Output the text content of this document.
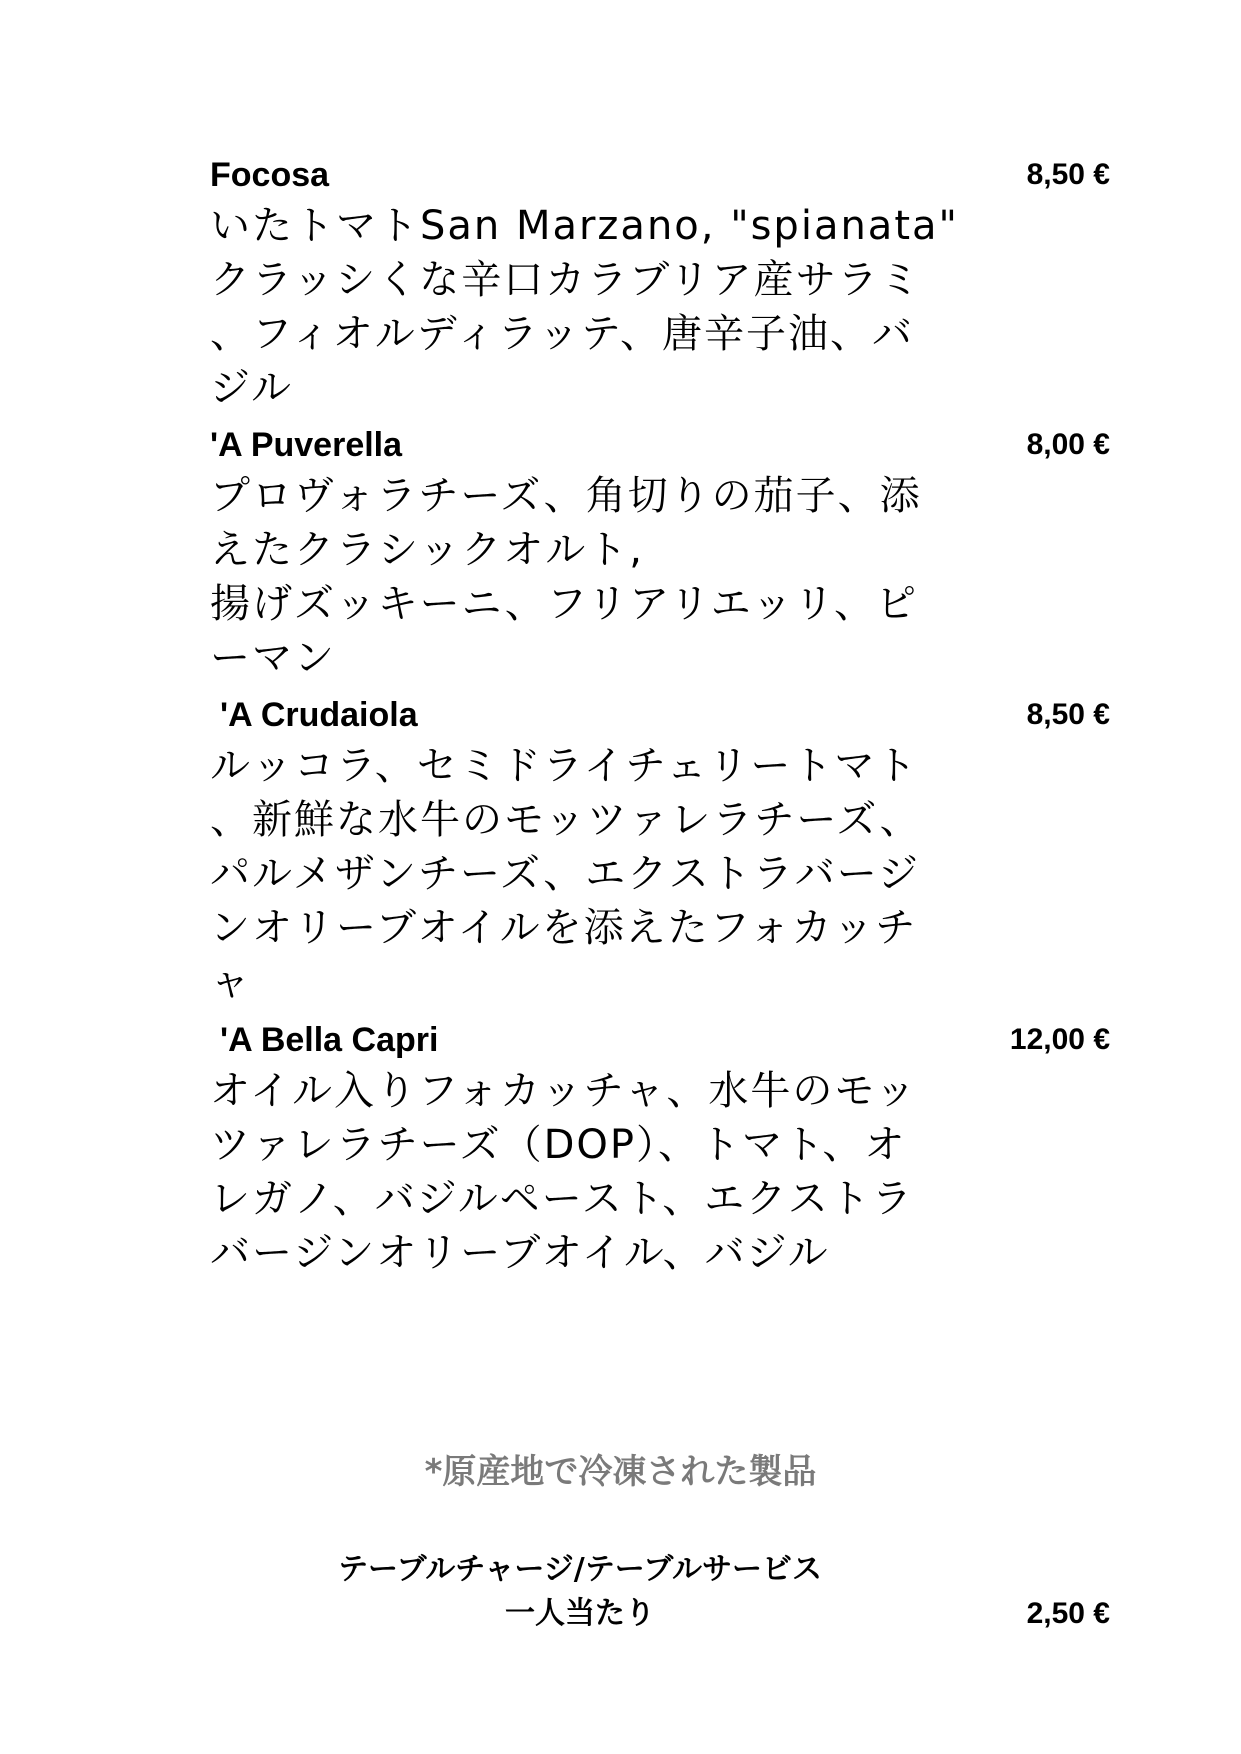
Focosa	8,50 €
いたトマトSan Marzano, "spianata"
クラッシくな辛口カラブリア産サラミ
、フィオルディラッテ、唐辛子油、バ
ジル
'A Puverella	8,00 €
プロヴォラチーズ、角切りの茄子、添
えたクラシックオルト,
揚げズッキーニ、フリアリエッリ、ピ
ーマン
'A Crudaiola	8,50 €
ルッコラ、セミドライチェリートマト
、新鮮な水牛のモッツァレラチーズ、
パルメザンチーズ、エクストラバージ
ンオリーブオイルを添えたフォカッチ
ャ
'A Bella Capri	12,00 €
オイル入りフォカッチャ、水牛のモッ
ツァレラチーズ（DOP）、トマト、オ
レガノ、バジルペースト、エクストラ
バージンオリーブオイル、バジル
*原産地で冷凍された製品
テーブルチャージ/テーブルサービス
一人当たり	2,50 €
